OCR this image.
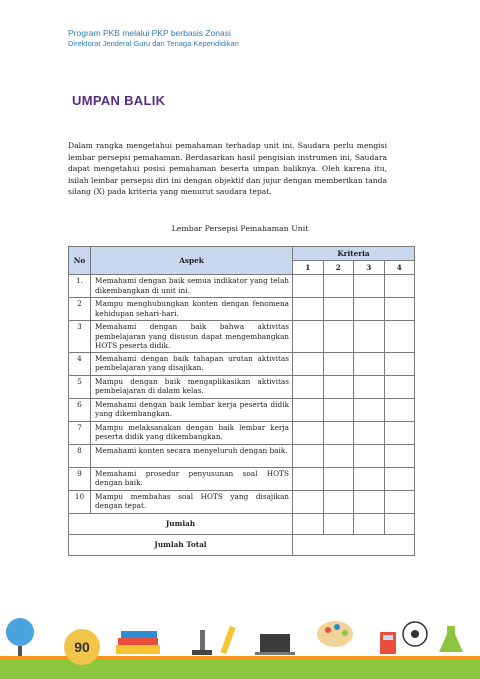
Program PKB melalui PKP berbasis Zonasi
Direktorat Jenderal Guru dan Tenaga Kependidikan
UMPAN BALIK
Dalam rangka mengetahui pemahaman terhadap unit ini, Saudara perlu mengisi lembar persepsi pemahaman. Berdasarkan hasil pengisian instrumen ini, Saudara dapat mengetahui posisi pemahaman beserta umpan baliknya. Oleh karena itu, isilah lembar persepsi diri ini dengan objektif dan jujur dengan memberikan tanda silang (X) pada kriteria yang menurut saudara tepat.
Lembar Persepsi Pemahaman Unit
No	Aspek	Kriteria			
		1	2	3	4
1.	Memahami dengan baik semua indikator yang telah dikembangkan di unit ini.				
2	Mampu menghubungkan konten dengan fenomena kehidupan sehari-hari.				
3	Memahami dengan baik bahwa aktivitas pembelajaran yang disusun dapat mengembangkan HOTS peserta didik.				
4	Memahami dengan baik tahapan urutan aktivitas pembelajaran yang disajikan.				
5	Mampu dengan baik mengaplikasikan aktivitas pembelajaran di dalam kelas.				
6	Memahami dengan baik lembar kerja peserta didik yang dikembangkan.				
7	Mampu melaksanakan dengan baik lembar kerja peserta didik yang dikembangkan.				
8	Memahami konten secara menyeluruh dengan baik.				
9	Memahami prosedur penyusunan soal HOTS dengan baik.				
10	Mampu membahas soal HOTS yang disajikan dengan tepat.				
Jumlah					
Jumlah Total					
90
